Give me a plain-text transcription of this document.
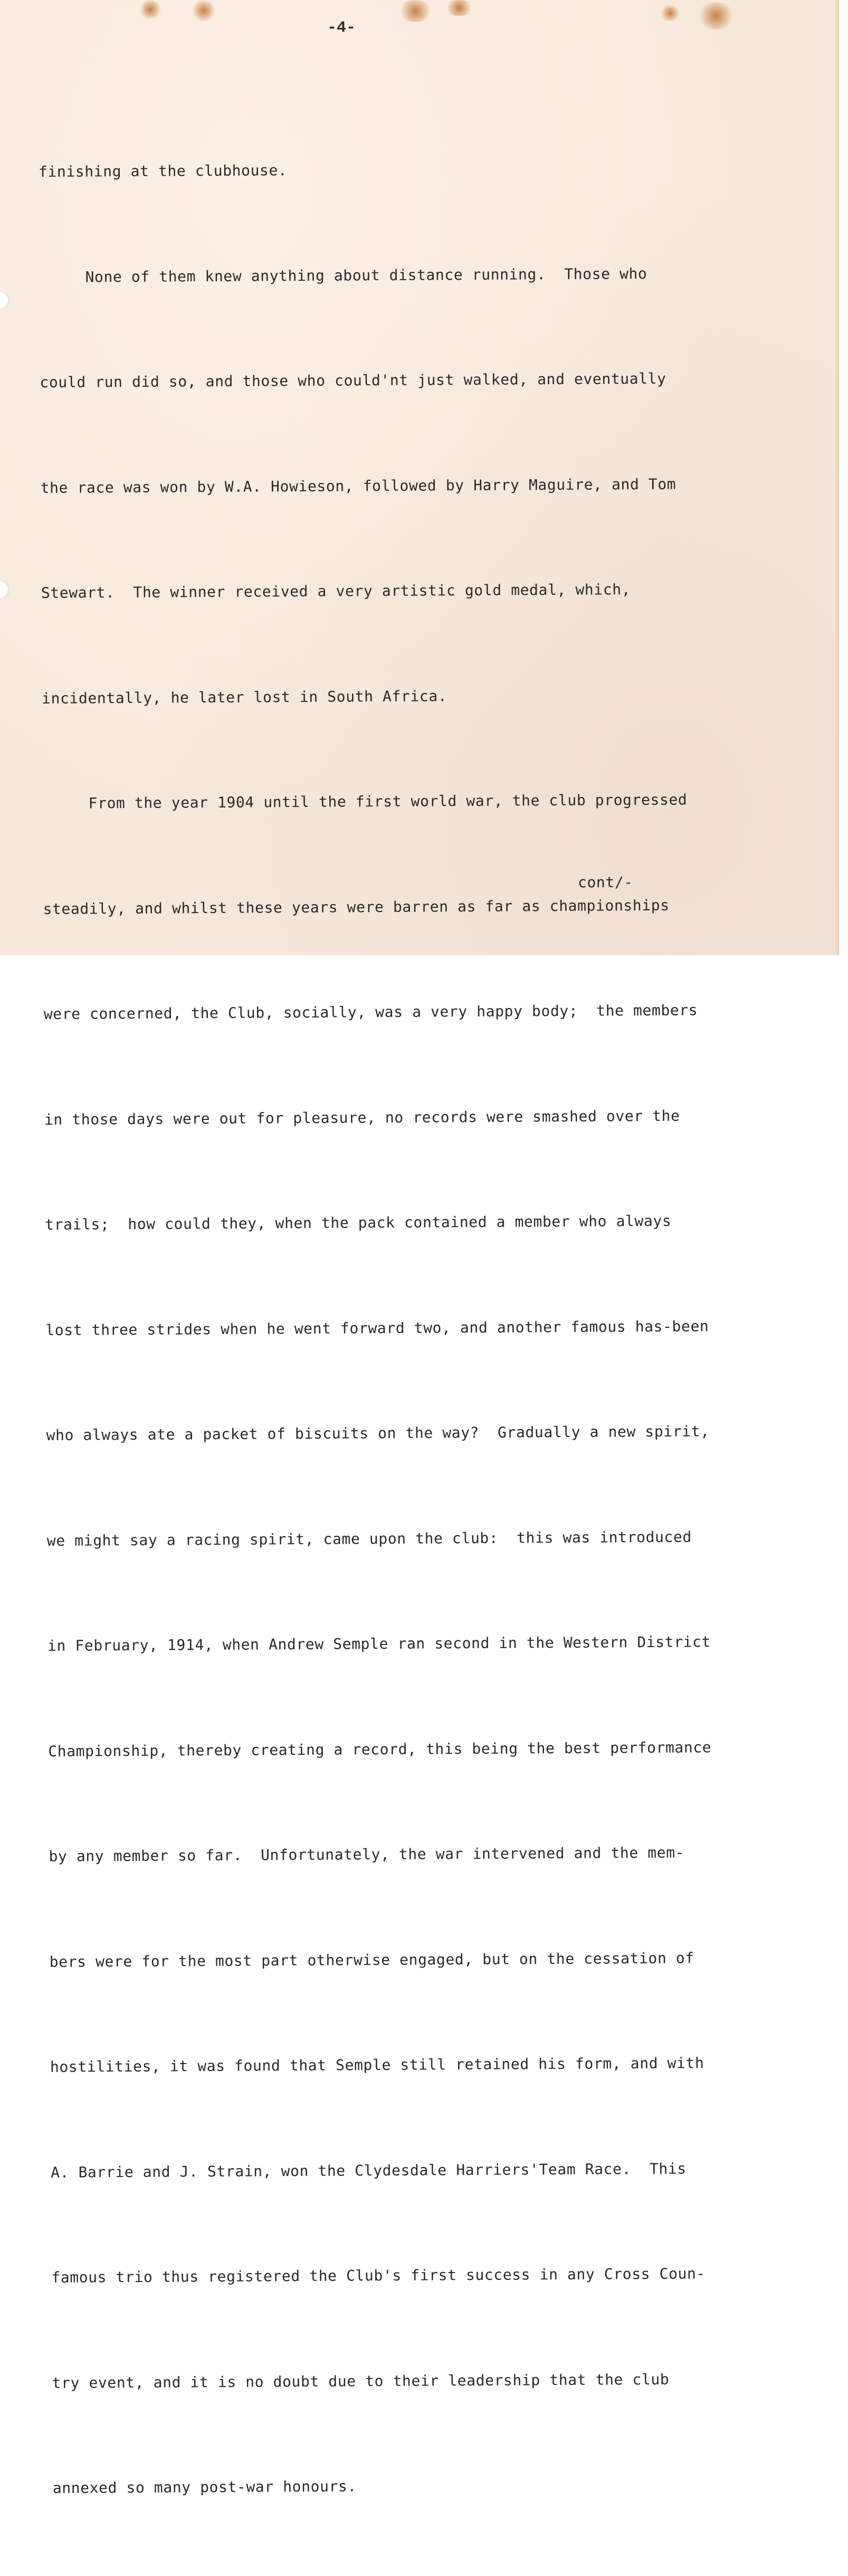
-4-

finishing at the clubhouse.

None of them knew anything about distance running.  Those who

could run did so, and those who could'nt just walked, and eventually

the race was won by W.A. Howieson, followed by Harry Maguire, and Tom

Stewart.  The winner received a very artistic gold medal, which,

incidentally, he later lost in South Africa.

From the year 1904 until the first world war, the club progressed

steadily, and whilst these years were barren as far as championships

were concerned, the Club, socially, was a very happy body;  the members

in those days were out for pleasure, no records were smashed over the

trails;  how could they, when the pack contained a member who always

lost three strides when he went forward two, and another famous has-been

who always ate a packet of biscuits on the way?  Gradually a new spirit,

we might say a racing spirit, came upon the club:  this was introduced

in February, 1914, when Andrew Semple ran second in the Western District

Championship, thereby creating a record, this being the best performance

by any member so far.  Unfortunately, the war intervened and the mem-

bers were for the most part otherwise engaged, but on the cessation of

hostilities, it was found that Semple still retained his form, and with

A. Barrie and J. Strain, won the Clydesdale Harriers'Team Race.  This

famous trio thus registered the Club's first success in any Cross Coun-

try event, and it is no doubt due to their leadership that the club

annexed so many post-war honours.

cont/-
